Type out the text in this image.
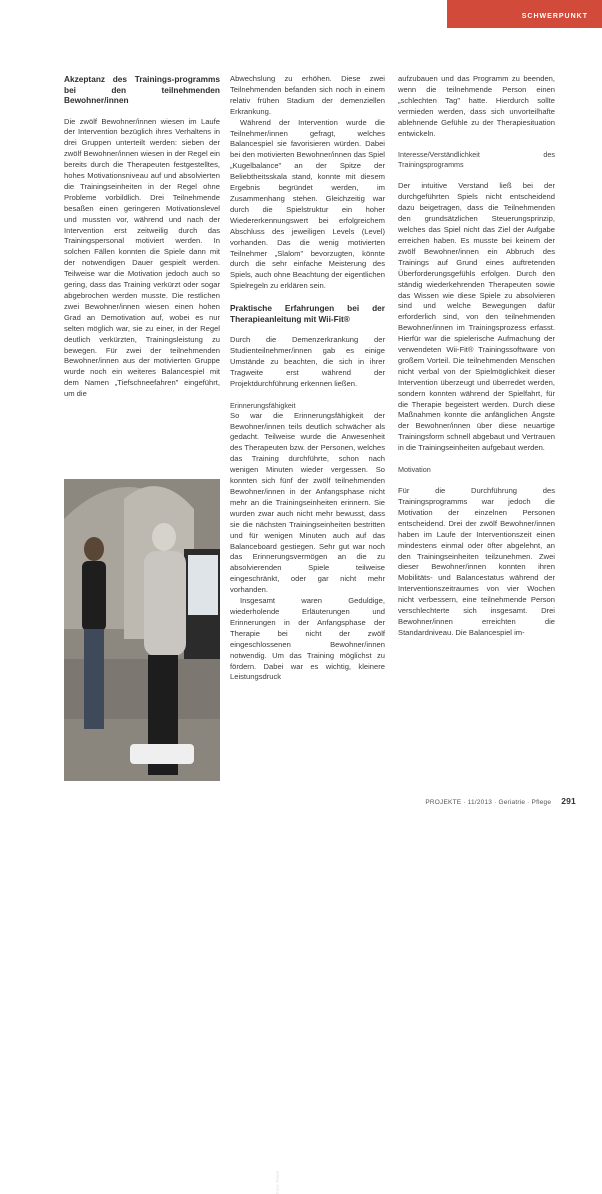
SCHWERPUNKT
Akzeptanz des Trainings-programms bei den teilnehmenden Bewohner/innen

Die zwölf Bewohner/innen wiesen im Laufe der Intervention bezüglich ihres Verhaltens in drei Gruppen unterteilt werden: sieben der zwölf Bewohner/innen wiesen in der Regel ein bereits durch die Therapeuten festgestelltes, hohes Motivationsniveau auf und absolvierten die Trainingseinheiten in der Regel ohne Probleme vorbildlich. Drei Teilnehmende besaßen einen geringeren Motivationslevel und mussten vor, während und nach der Intervention erst zeitweilig durch das Trainingspersonal motiviert werden. In solchen Fällen konnten die Spiele dann mit der notwendigen Dauer gespielt werden. Teilweise war die Motivation jedoch auch so gering, dass das Training verkürzt oder sogar abgebrochen werden musste. Die restlichen zwei Bewohner/innen wiesen einen hohen Grad an Demotivation auf, wobei es nur selten möglich war, sie zu einer, in der Regel deutlich verkürzten, Trainingsleistung zu bewegen. Für zwei der teilnehmenden Bewohner/innen aus der motivierten Gruppe wurde noch ein weiteres Balancespiel mit dem Namen „Tiefschneefahren" eingeführt, um die

Foto: Privat

Abwechslung zu erhöhen. Diese zwei Teilnehmenden befanden sich noch in einem relativ frühen Stadium der demenziellen Erkrankung.

Während der Intervention wurde die Teilnehmer/innen gefragt, welches Balancespiel sie favorisieren würden. Dabei bei den motivierten Bewohner/innen das Spiel „Kugelbalance" an der Spitze der Beliebtheitsskala stand, konnte mit diesem Ergebnis begründet werden, im Zusammenhang stehen. Gleichzeitig war durch die Spielstruktur ein hoher Wiedererkennungswert bei erfolgreichem Abschluss des jeweiligen Levels (Level) vorhanden. Das die wenig motivierten Teilnehmer „Slalom" bevorzugten, könnte durch die sehr einfache Meisterung des Spiels, auch ohne Beachtung der eigentlichen Spielregeln zu erklären sein.

Praktische Erfahrungen bei der Therapieanleitung mit Wii-Fit®

Durch die Demenzerkrankung der Studienteilnehmer/innen gab es einige Umstände zu beachten, die sich in ihrer Tragweite erst während der Projektdurchführung erkennen ließen.

Erinnerungsfähigkeit

So war die Erinnerungsfähigkeit der Bewohner/innen teils deutlich schwächer als gedacht. Teilweise wurde die Anwesenheit des Therapeuten bzw. der Personen, welches das Training durchführte, schon nach wenigen Minuten wieder vergessen. So konnten sich fünf der zwölf teilnehmenden Bewohner/innen in der Anfangsphase nicht mehr an die Trainingseinheiten erinnern. Sie wurden zwar auch nicht mehr bewusst, dass sie die nächsten Trainingseinheiten bestritten und für wenigen Minuten auch auf das Balanceboard gestiegen. Sehr gut war noch das Erinnerungsvermögen an die zu absolvierenden Spiele teilweise eingeschränkt, oder gar nicht mehr vorhanden.

Insgesamt waren Geduldige, wiederholende Erläuterungen und Erinnerungen in der Anfangsphase der Therapie bei nicht der zwölf eingeschlossenen Bewohner/innen notwendig. Um das Training möglichst zu fördern. Dabei war es wichtig, kleinere Leistungsdruck

aufzubauen und das Programm zu beenden, wenn die teilnehmende Person einen „schlechten Tag" hatte. Hierdurch sollte vermieden werden, dass sich unvorteilhafte ablehnende Gefühle zu der Therapiesituation entwickeln.

Interesse/Verständlichkeit des Trainingsprogramms

Der intuitive Verstand ließ bei der durchgeführten Spiels nicht entscheidend dazu beigetragen, dass die Teilnehmenden den grundsätzlichen Steuerungsprinzip, welches das Spiel nicht das Ziel der Aufgabe erreichen haben. Es musste bei keinem der zwölf Bewohner/innen ein Abbruch des Trainings auf Grund eines auftretenden Überforderungsgefühls erfolgen. Durch den ständig wiederkehrenden Therapeuten sowie das Wissen wie diese Spiele zu absolvieren sind und welche Bewegungen dafür erforderlich sind, von den teilnehmenden Bewohner/innen im Trainingsprozess erfasst. Hierfür war die spielerische Aufmachung der verwendeten Wii-Fit® Trainingssoftware von großem Vorteil. Die teilnehmenden Menschen nicht verbal von der Spielmöglichkeit dieser Intervention überzeugt und überredet werden, sondern konnten während der Spielfahrt, für die Therapie begeistert werden. Durch diese Maßnahmen konnte die anfänglichen Ängste der Bewohner/innen über diese neuartige Trainingsform schnell abgebaut und Vertrauen in die Trainingseinheiten aufgebaut werden.

Motivation

Für die Durchführung des Trainingsprogramms war jedoch die Motivation der einzelnen Personen entscheidend. Drei der zwölf Bewohner/innen haben im Laufe der Interventionszeit einen mindestens einmal oder öfter abgelehnt, an den Trainingseinheiten teilzunehmen. Zwei dieser Bewohner/innen konnten ihren Mobilitäts- und Balancestatus während der Interventionszeitraumes von vier Wochen nicht verbessern, eine teilnehmende Person verschlechterte sich insgesamt. Drei Bewohner/innen erreichten die Standardniveau. Die Balancespiel im-

PROJEKTE · 11/2013 · Geriatrie · Pflege 291
